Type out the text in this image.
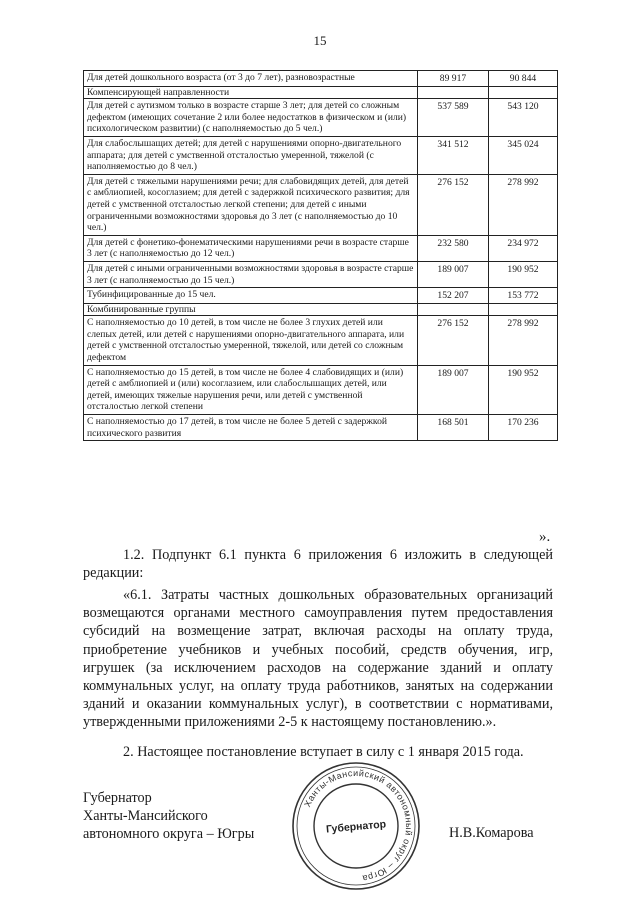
15
Для детей дошкольного возраста (от 3 до 7 лет), разновозрастные	89 917	90 844
Компенсирующей направленности		
Для детей с аутизмом только в возрасте старше 3 лет; для детей со сложным дефектом (имеющих сочетание 2 или более недостатков в физическом и (или) психологическом развитии) (с наполняемостью до 5 чел.)	537 589	543 120
Для слабослышащих детей; для детей с нарушениями опорно-двигательного аппарата; для детей с умственной отсталостью умеренной, тяжелой (с наполняемостью до 8 чел.)	341 512	345 024
Для детей с тяжелыми нарушениями речи; для слабовидящих детей, для детей с амблиопией, косоглазием; для детей с задержкой психического развития; для детей с умственной отсталостью легкой степени; для детей с иными ограниченными возможностями здоровья до 3 лет (с наполняемостью до 10 чел.)	276 152	278 992
Для детей с фонетико-фонематическими нарушениями речи в возрасте старше 3 лет (с наполняемостью до 12 чел.)	232 580	234 972
Для детей с иными ограниченными возможностями здоровья в возрасте старше 3 лет (с наполняемостью до 15 чел.)	189 007	190 952
Тубинфицированные до 15 чел.	152 207	153 772
Комбинированные группы		
С наполняемостью до 10 детей, в том числе не более 3 глухих детей или слепых детей, или детей с нарушениями опорно-двигательного аппарата, или детей с умственной отсталостью умеренной, тяжелой, или детей со сложным дефектом	276 152	278 992
С наполняемостью до 15 детей, в том числе не более 4 слабовидящих и (или) детей с амблиопией и (или) косоглазием, или слабослышащих детей, или детей, имеющих тяжелые нарушения речи, или детей с умственной отсталостью легкой степени	189 007	190 952
С наполняемостью до 17 детей, в том числе не более 5 детей с задержкой психического развития	168 501	170 236
».
1.2. Подпункт 6.1 пункта 6 приложения 6 изложить в следующей редакции:
«6.1. Затраты частных дошкольных образовательных организаций возмещаются органами местного самоуправления путем предоставления субсидий на возмещение затрат, включая расходы на оплату труда, приобретение учебников и учебных пособий, средств обучения, игр, игрушек (за исключением расходов на содержание зданий и оплату коммунальных услуг, на оплату труда работников, занятых на содержании зданий и оказании коммунальных услуг), в соответствии с нормативами, утвержденными приложениями 2-5 к настоящему постановлению.».
2. Настоящее постановление вступает в силу с 1 января 2015 года.
Губернатор
Ханты-Мансийского
автономного округа – Югры
Ханты-Мансийский автономный округ – Югра
Губернатор	Н.В.Комарова
